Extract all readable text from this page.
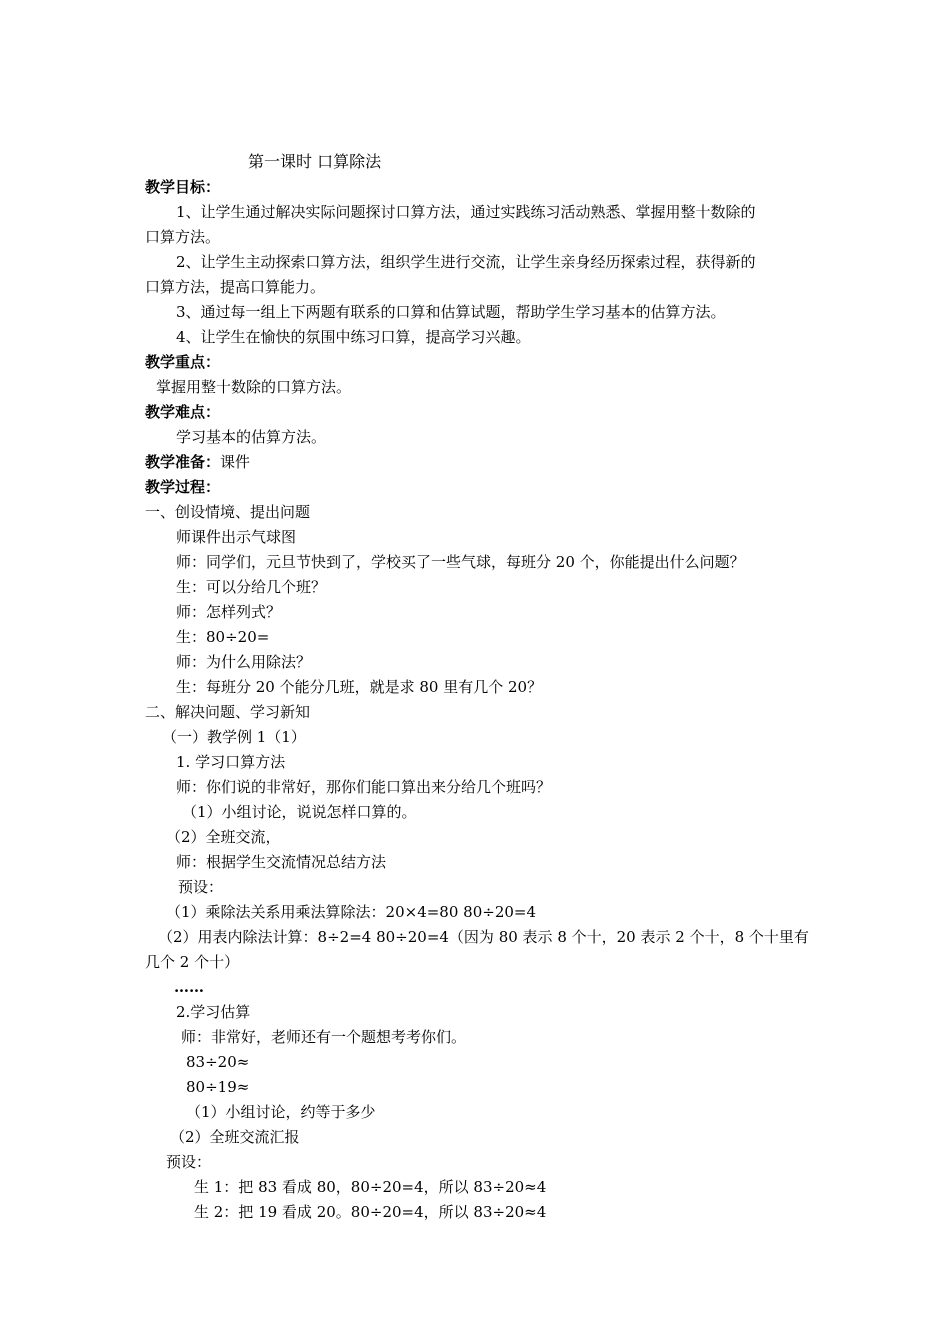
第一课时 口算除法
教学目标：
1、让学生通过解决实际问题探讨口算方法，通过实践练习活动熟悉、掌握用整十数除的
口算方法。
2、让学生主动探索口算方法，组织学生进行交流，让学生亲身经历探索过程，获得新的
口算方法，提高口算能力。
3、通过每一组上下两题有联系的口算和估算试题，帮助学生学习基本的估算方法。
4、让学生在愉快的氛围中练习口算，提高学习兴趣。
教学重点：
掌握用整十数除的口算方法。
教学难点：
学习基本的估算方法。
教学准备：课件
教学过程：
一、创设情境、提出问题
师课件出示气球图
师：同学们，元旦节快到了，学校买了一些气球，每班分 20 个，你能提出什么问题？
生：可以分给几个班？
师：怎样列式？
生：80÷20=
师：为什么用除法？
生：每班分 20 个能分几班，就是求 80 里有几个 20？
二、解决问题、学习新知
（一）教学例 1（1）
1. 学习口算方法
师：你们说的非常好，那你们能口算出来分给几个班吗？
（1）小组讨论，说说怎样口算的。
（2）全班交流，
师：根据学生交流情况总结方法
预设：
（1）乘除法关系用乘法算除法：20×4=80 80÷20=4
（2）用表内除法计算：8÷2=4 80÷20=4（因为 80 表示 8 个十，20 表示 2 个十，8 个十里有
几个 2 个十）
……
2.学习估算
师：非常好，老师还有一个题想考考你们。
83÷20≈
80÷19≈
（1）小组讨论，约等于多少
（2）全班交流汇报
预设：
生 1：把 83 看成 80，80÷20=4，所以 83÷20≈4
生 2：把 19 看成 20。80÷20=4，所以 83÷20≈4
